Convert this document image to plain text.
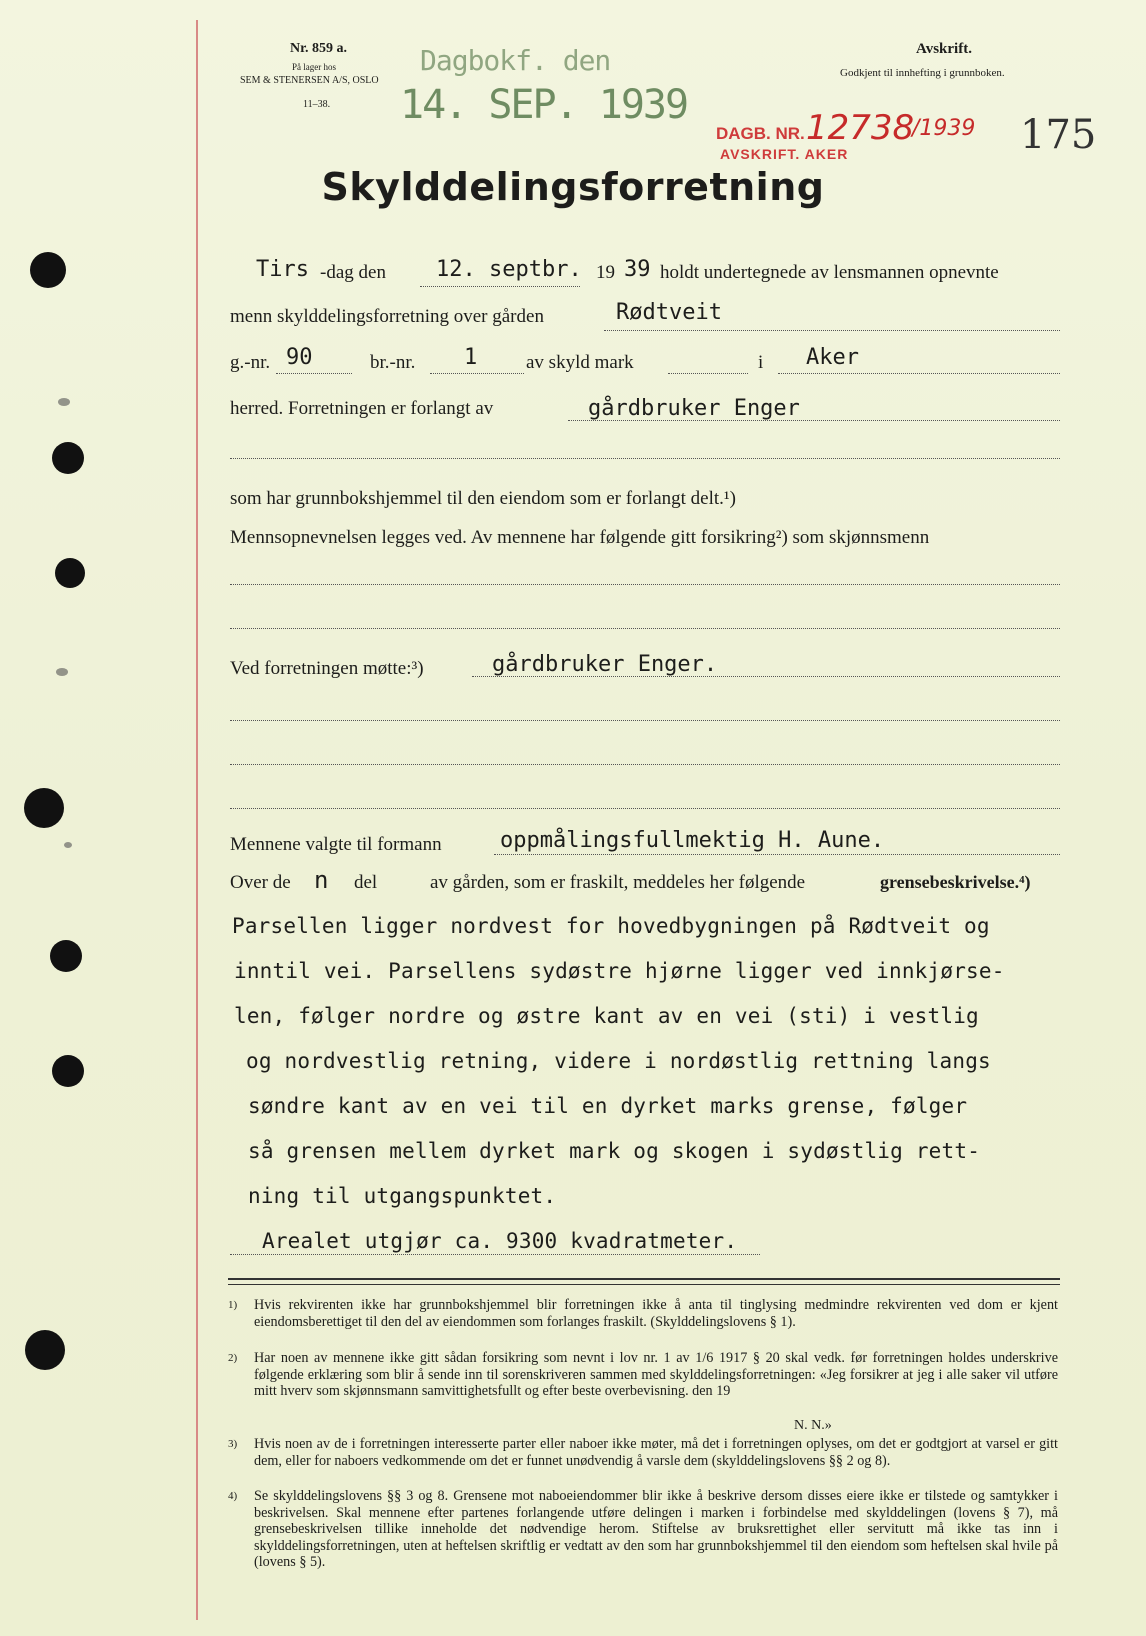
Nr. 859 a.
På lager hos
SEM & STENERSEN A/S, OSLO
11–38.
Dagbokf. den
14. SEP. 1939
Avskrift.
Godkjent til innhefting i grunnboken.
DAGB. NR. 12738
/1939
AVSKRIFT. AKER	175
Skylddelingsforretning
Tirs -dag den 12. septbr. 19 39 holdt undertegnede av lensmannen opnevnte
menn skylddelingsforretning over gården	Rødtveit
g.-nr. 90	br.-nr. 1	av skyld mark	i Aker
herred. Forretningen er forlangt av	gårdbruker Enger
som har grunnbokshjemmel til den eiendom som er forlangt delt.¹)
Mennsopnevnelsen legges ved. Av mennene har følgende gitt forsikring²) som skjønnsmenn
Ved forretningen møtte:³)	gårdbruker Enger.
Mennene valgte til formann	oppmålingsfullmektig H. Aune.
Over de n del	av gården, som er fraskilt, meddeles her følgende	grensebeskrivelse.⁴)
Parsellen ligger nordvest for hovedbygningen på Rødtveit og
inntil vei. Parsellens sydøstre hjørne ligger ved innkjørse-
len, følger nordre og østre kant av en vei (sti) i vestlig
og nordvestlig retning, videre i nordøstlig rettning langs
søndre kant av en vei til en dyrket marks grense, følger
så grensen mellem dyrket mark og skogen i sydøstlig rett-
ning til utgangspunktet.
Arealet utgjør ca. 9300 kvadratmeter.
1) Hvis rekvirenten ikke har grunnbokshjemmel blir forretningen ikke å anta til tinglysing medmindre rekvirenten ved dom er kjent eiendomsberettiget til den del av eiendommen som forlanges fraskilt. (Skylddelingslovens § 1).
2) Har noen av mennene ikke gitt sådan forsikring som nevnt i lov nr. 1 av 1/6 1917 § 20 skal vedk. før forretningen holdes underskrive følgende erklæring som blir å sende inn til sorenskriveren sammen med skylddelingsforretningen: «Jeg forsikrer at jeg i alle saker vil utføre mitt hverv som skjønnsmann samvittighetsfullt og efter beste overbevisning. den 19
N. N.»
3) Hvis noen av de i forretningen interesserte parter eller naboer ikke møter, må det i forretningen oplyses, om det er godtgjort at varsel er gitt dem, eller for naboers vedkommende om det er funnet unødvendig å varsle dem (skylddelingslovens §§ 2 og 8).
4) Se skylddelingslovens §§ 3 og 8. Grensene mot naboeiendommer blir ikke å beskrive dersom disses eiere ikke er tilstede og samtykker i beskrivelsen. Skal mennene efter partenes forlangende utføre delingen i marken i forbindelse med skylddelingen (lovens § 7), må grensebeskrivelsen tillike inneholde det nødvendige herom. Stiftelse av bruksrettighet eller servitutt må ikke tas inn i skylddelingsforretningen, uten at heftelsen skriftlig er vedtatt av den som har grunnbokshjemmel til den eiendom som heftelsen skal hvile på (lovens § 5).
